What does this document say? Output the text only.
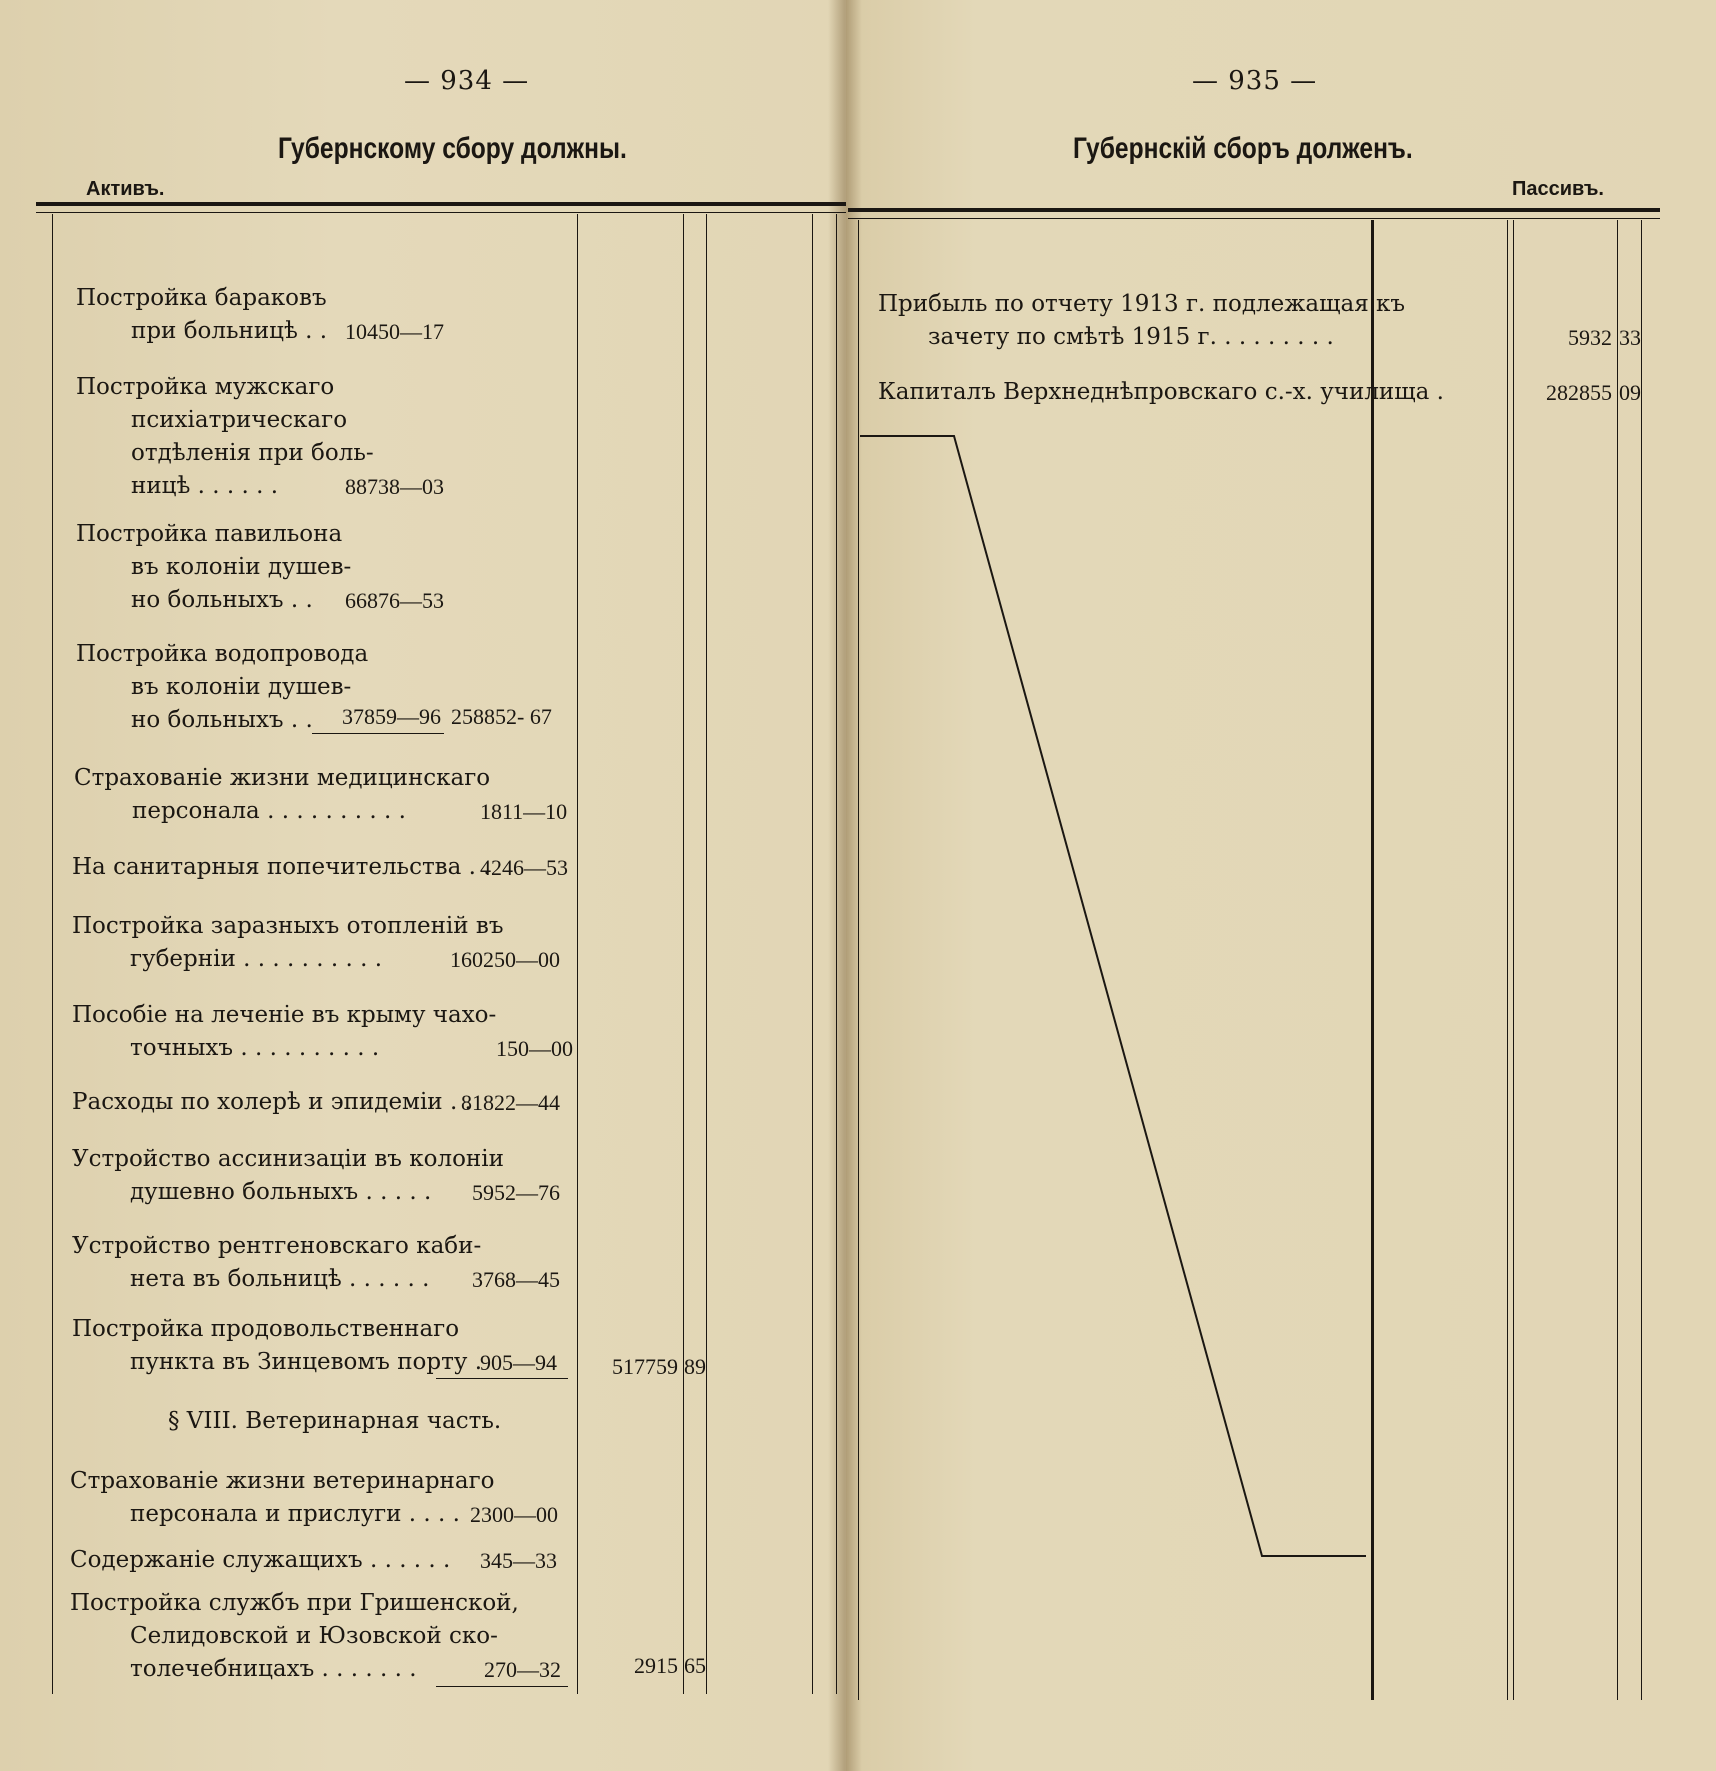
— 934 —	— 935 —
Губернскому сбору должны.	Губернскiй сборъ долженъ.
Активъ.	Пассивъ.
Постройка бараковъ
при больницѣ . . 10450—17
Постройка мужскаго
психiатрическаго
отдѣленiя при боль-
ницѣ . . . . . .	88738—03
Постройка павильона
въ колонiи душев-
но больныхъ . .	66876—53
Постройка водопровода
въ колонiи душев-
но больныхъ . .	37859—96 258852- 67
Страхованiе жизни медицинскаго
персонала . . . . . . . . . .	1811—10
На санитарныя попечительства . .
4246—53
Постройка заразныхъ отопленiй въ
губернiи . . . . . . . . . .	160250—00
Пособiе на леченiе въ крыму чахо-
точныхъ . . . . . . . . . .	150—00
Расходы по холерѣ и эпидемiи . .
81822—44
Устройство ассинизацiи въ колонiи
душевно больныхъ . . . . .	5952—76
Устройство рентгеновскаго каби-
нета въ больницѣ . . . . . .	3768—45
Постройка продовольственнаго
пункта въ Зинцевомъ порту .
905—94	517759 89
§ VIII. Ветеринарная часть.
Страхованiе жизни ветеринарнаго
персонала и прислуги . . . . 2300—00
Содержанiе служащихъ . . . . . . 345—33
Постройка службъ при Гришенской,
Селидовской и Юзовской ско-
толечебницахъ . . . . . . .	270—32	2915 65
Прибыль по отчету 1913 г. подлежащая къ
зачету по смѣтѣ 1915 г. . . . . . . . .	5932 33
Капиталъ Верхнеднѣпровскаго с.-х. училища .	282855 09
